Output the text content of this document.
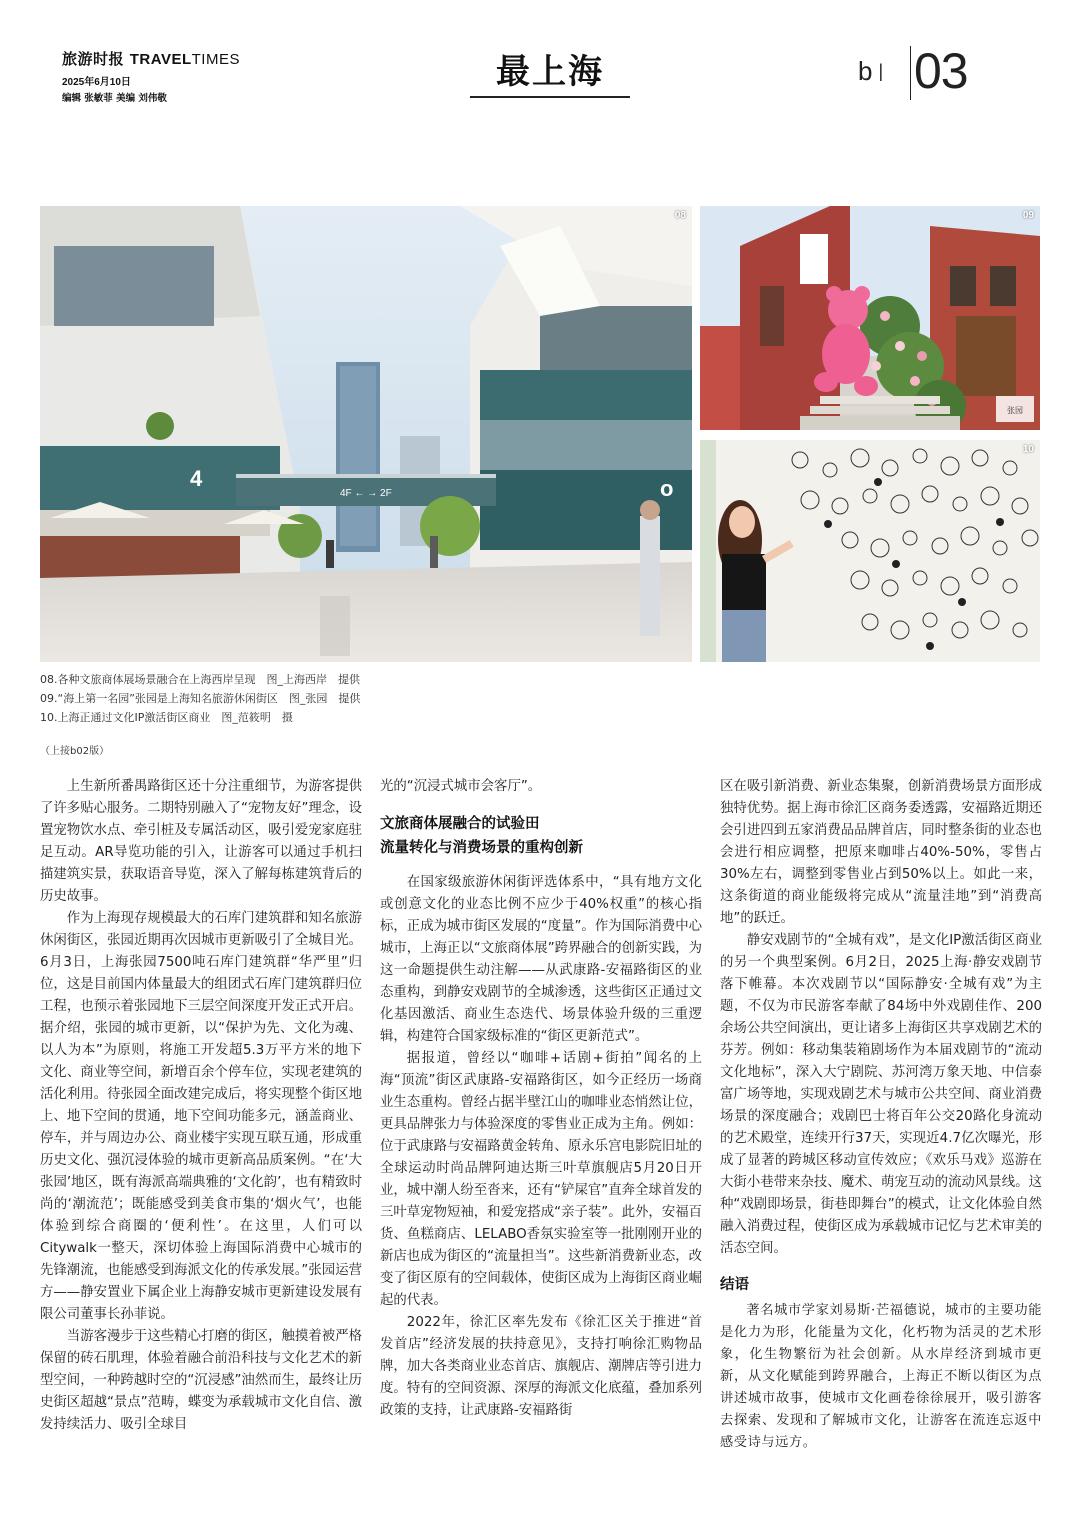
旅游时报 TRAVELTIMES
2025年6月10日
编辑 张敏菲 美编 刘伟敬
最上海	b| 03
4	o
4F ← → 2F
08
张园
09
10
08.各种文旅商体展场景融合在上海西岸呈现　图_上海西岸　提供
09.“海上第一名园”张园是上海知名旅游休闲街区　图_张园　提供
10.上海正通过文化IP激活街区商业　图_范筱明　摄
（上接b02版）

上生新所番禺路街区还十分注重细节，为游客提供了许多贴心服务。二期特别融入了“宠物友好”理念，设置宠物饮水点、牵引桩及专属活动区，吸引爱宠家庭驻足互动。AR导览功能的引入，让游客可以通过手机扫描建筑实景，获取语音导览，深入了解每栋建筑背后的历史故事。

作为上海现存规模最大的石库门建筑群和知名旅游休闲街区，张园近期再次因城市更新吸引了全城目光。6月3日，上海张园7500吨石库门建筑群“华严里”归位，这是目前国内体量最大的组团式石库门建筑群归位工程，也预示着张园地下三层空间深度开发正式开启。据介绍，张园的城市更新，以“保护为先、文化为魂、以人为本”为原则，将施工开发超5.3万平方米的地下文化、商业等空间，新增百余个停车位，实现老建筑的活化利用。待张园全面改建完成后，将实现整个街区地上、地下空间的贯通，地下空间功能多元，涵盖商业、停车，并与周边办公、商业楼宇实现互联互通，形成重历史文化、强沉浸体验的城市更新高品质案例。“在‘大张园’地区，既有海派高端典雅的‘文化韵’，也有精致时尚的‘潮流范’；既能感受到美食市集的‘烟火气’，也能体验到综合商圈的‘便利性’。在这里，人们可以Citywalk一整天，深切体验上海国际消费中心城市的先锋潮流，也能感受到海派文化的传承发展。”张园运营方——静安置业下属企业上海静安城市更新建设发展有限公司董事长孙菲说。

当游客漫步于这些精心打磨的街区，触摸着被严格保留的砖石肌理，体验着融合前沿科技与文化艺术的新型空间，一种跨越时空的“沉浸感”油然而生，最终让历史街区超越“景点”范畴，蝶变为承载城市文化自信、激发持续活力、吸引全球目

光的“沉浸式城市会客厅”。

文旅商体展融合的试验田
流量转化与消费场景的重构创新

在国家级旅游休闲街评选体系中，“具有地方文化或创意文化的业态比例不应少于40%权重”的核心指标，正成为城市街区发展的“度量”。作为国际消费中心城市，上海正以“文旅商体展”跨界融合的创新实践，为这一命题提供生动注解——从武康路-安福路街区的业态重构，到静安戏剧节的全城渗透，这些街区正通过文化基因激活、商业生态迭代、场景体验升级的三重逻辑，构建符合国家级标准的“街区更新范式”。

据报道，曾经以“咖啡+话剧+街拍”闻名的上海“顶流”街区武康路-安福路街区，如今正经历一场商业生态重构。曾经占据半壁江山的咖啡业态悄然让位，更具品牌张力与体验深度的零售业正成为主角。例如：位于武康路与安福路黄金转角、原永乐宫电影院旧址的全球运动时尚品牌阿迪达斯三叶草旗舰店5月20日开业，城中潮人纷至沓来，还有“铲屎官”直奔全球首发的三叶草宠物短袖，和爱宠搭成“亲子装”。此外，安福百货、鱼糕商店、LELABO香氛实验室等一批刚刚开业的新店也成为街区的“流量担当”。这些新消费新业态，改变了街区原有的空间载体，使街区成为上海街区商业崛起的代表。

2022年，徐汇区率先发布《徐汇区关于推进“首发首店”经济发展的扶持意见》，支持打响徐汇购物品牌，加大各类商业业态首店、旗舰店、潮牌店等引进力度。特有的空间资源、深厚的海派文化底蕴，叠加系列政策的支持，让武康路-安福路街

区在吸引新消费、新业态集聚，创新消费场景方面形成独特优势。据上海市徐汇区商务委透露，安福路近期还会引进四到五家消费品品牌首店，同时整条街的业态也会进行相应调整，把原来咖啡占40%-50%，零售占30%左右，调整到零售业占到50%以上。如此一来，这条街道的商业能级将完成从“流量洼地”到“消费高地”的跃迁。

静安戏剧节的“全城有戏”，是文化IP激活街区商业的另一个典型案例。6月2日，2025上海·静安戏剧节落下帷幕。本次戏剧节以“国际静安·全城有戏”为主题，不仅为市民游客奉献了84场中外戏剧佳作、200余场公共空间演出，更让诸多上海街区共享戏剧艺术的芬芳。例如：移动集装箱剧场作为本届戏剧节的“流动文化地标”，深入大宁剧院、苏河湾万象天地、中信泰富广场等地，实现戏剧艺术与城市公共空间、商业消费场景的深度融合；戏剧巴士将百年公交20路化身流动的艺术殿堂，连续开行37天，实现近4.7亿次曝光，形成了显著的跨城区移动宣传效应；《欢乐马戏》巡游在大街小巷带来杂技、魔术、萌宠互动的流动风景线。这种“戏剧即场景，街巷即舞台”的模式，让文化体验自然融入消费过程，使街区成为承载城市记忆与艺术审美的活态空间。

结语

著名城市学家刘易斯·芒福德说，城市的主要功能是化力为形，化能量为文化，化朽物为活灵的艺术形象，化生物繁衍为社会创新。从水岸经济到城市更新，从文化赋能到跨界融合，上海正不断以街区为点讲述城市故事，使城市文化画卷徐徐展开，吸引游客去探索、发现和了解城市文化，让游客在流连忘返中感受诗与远方。
